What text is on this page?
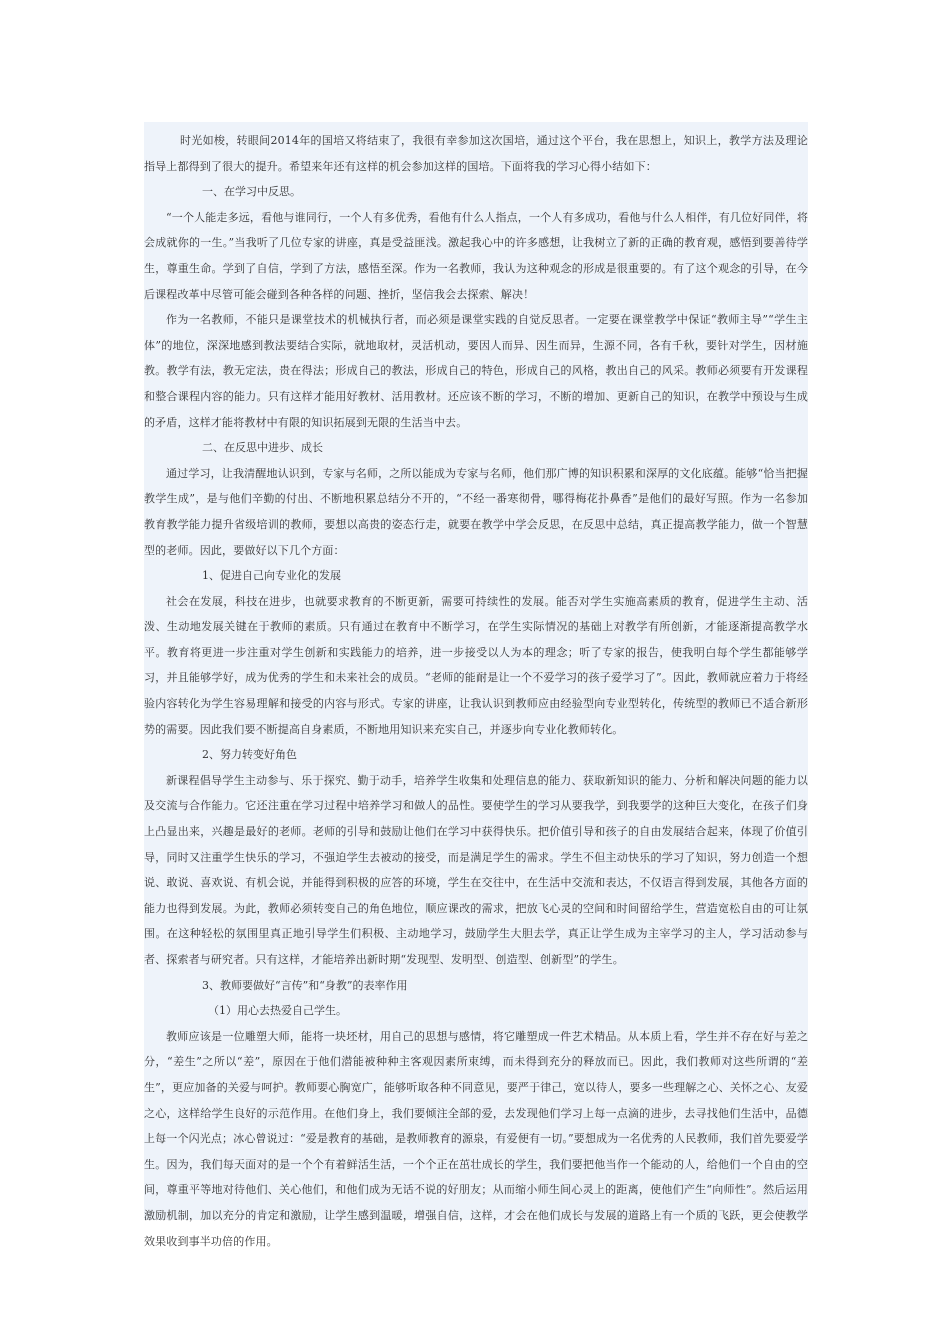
时光如梭，转眼间2014年的国培又将结束了，我很有幸参加这次国培，通过这个平台，我在思想上，知识上，教学方法及理论指导上都得到了很大的提升。希望来年还有这样的机会参加这样的国培。下面将我的学习心得小结如下：

一、在学习中反思。

“一个人能走多远，看他与谁同行，一个人有多优秀，看他有什么人指点，一个人有多成功，看他与什么人相伴，有几位好同伴，将会成就你的一生。”当我听了几位专家的讲座，真是受益匪浅。激起我心中的许多感想，让我树立了新的正确的教育观，感悟到要善待学生，尊重生命。学到了自信，学到了方法，感悟至深。作为一名教师，我认为这种观念的形成是很重要的。有了这个观念的引导，在今后课程改革中尽管可能会碰到各种各样的问题、挫折，坚信我会去探索、解决！

作为一名教师，不能只是课堂技术的机械执行者，而必须是课堂实践的自觉反思者。一定要在课堂教学中保证“教师主导”“学生主体”的地位，深深地感到教法要结合实际，就地取材，灵活机动，要因人而异、因生而异，生源不同，各有千秋，要针对学生，因材施教。教学有法，教无定法，贵在得法；形成自己的教法，形成自己的特色，形成自己的风格，教出自己的风采。教师必须要有开发课程和整合课程内容的能力。只有这样才能用好教材、活用教材。还应该不断的学习，不断的增加、更新自己的知识，在教学中预设与生成的矛盾，这样才能将教材中有限的知识拓展到无限的生活当中去。

二、在反思中进步、成长

通过学习，让我清醒地认识到，专家与名师，之所以能成为专家与名师，他们那广博的知识积累和深厚的文化底蕴。能够“恰当把握教学生成”，是与他们辛勤的付出、不断地积累总结分不开的，“不经一番寒彻骨，哪得梅花扑鼻香”是他们的最好写照。作为一名参加教育教学能力提升省级培训的教师，要想以高贵的姿态行走，就要在教学中学会反思，在反思中总结，真正提高教学能力，做一个智慧型的老师。因此，要做好以下几个方面：

1、促进自己向专业化的发展

社会在发展，科技在进步，也就要求教育的不断更新，需要可持续性的发展。能否对学生实施高素质的教育，促进学生主动、活泼、生动地发展关键在于教师的素质。只有通过在教育中不断学习，在学生实际情况的基础上对教学有所创新，才能逐渐提高教学水平。教育将更进一步注重对学生创新和实践能力的培养，进一步接受以人为本的理念；听了专家的报告，使我明白每个学生都能够学习，并且能够学好，成为优秀的学生和未来社会的成员。“老师的能耐是让一个不爱学习的孩子爱学习了”。因此，教师就应着力于将经验内容转化为学生容易理解和接受的内容与形式。专家的讲座，让我认识到教师应由经验型向专业型转化，传统型的教师已不适合新形势的需要。因此我们要不断提高自身素质，不断地用知识来充实自己，并逐步向专业化教师转化。

2、努力转变好角色

新课程倡导学生主动参与、乐于探究、勤于动手，培养学生收集和处理信息的能力、获取新知识的能力、分析和解决问题的能力以及交流与合作能力。它还注重在学习过程中培养学习和做人的品性。要使学生的学习从要我学，到我要学的这种巨大变化，在孩子们身上凸显出来，兴趣是最好的老师。老师的引导和鼓励让他们在学习中获得快乐。把价值引导和孩子的自由发展结合起来，体现了价值引导，同时又注重学生快乐的学习，不强迫学生去被动的接受，而是满足学生的需求。学生不但主动快乐的学习了知识，努力创造一个想说、敢说、喜欢说、有机会说，并能得到积极的应答的环境，学生在交往中，在生活中交流和表达，不仅语言得到发展，其他各方面的能力也得到发展。为此，教师必须转变自己的角色地位，顺应课改的需求，把放飞心灵的空间和时间留给学生，营造宽松自由的可让氛围。在这种轻松的氛围里真正地引导学生们积极、主动地学习，鼓励学生大胆去学，真正让学生成为主宰学习的主人，学习活动参与者、探索者与研究者。只有这样，才能培养出新时期“发现型、发明型、创造型、创新型”的学生。

3、教师要做好“言传”和“身教”的表率作用

（1）用心去热爱自己学生。

教师应该是一位雕塑大师，能将一块坯材，用自己的思想与感情，将它雕塑成一件艺术精品。从本质上看，学生并不存在好与差之分，“差生”之所以“差”，原因在于他们潜能被种种主客观因素所束缚，而未得到充分的释放而已。因此，我们教师对这些所谓的“差生”，更应加备的关爱与呵护。教师要心胸宽广，能够听取各种不同意见，要严于律己，宽以待人，要多一些理解之心、关怀之心、友爱之心，这样给学生良好的示范作用。在他们身上，我们要倾注全部的爱，去发现他们学习上每一点滴的进步，去寻找他们生活中，品德上每一个闪光点；冰心曾说过：“爱是教育的基础，是教师教育的源泉，有爱便有一切。”要想成为一名优秀的人民教师，我们首先要爱学生。因为，我们每天面对的是一个个有着鲜活生活，一个个正在茁壮成长的学生，我们要把他当作一个能动的人，给他们一个自由的空间，尊重平等地对待他们、关心他们，和他们成为无话不说的好朋友；从而缩小师生间心灵上的距离，使他们产生“向师性”。然后运用激励机制，加以充分的肯定和激励，让学生感到温暖，增强自信，这样，才会在他们成长与发展的道路上有一个质的飞跃，更会使教学效果收到事半功倍的作用。
